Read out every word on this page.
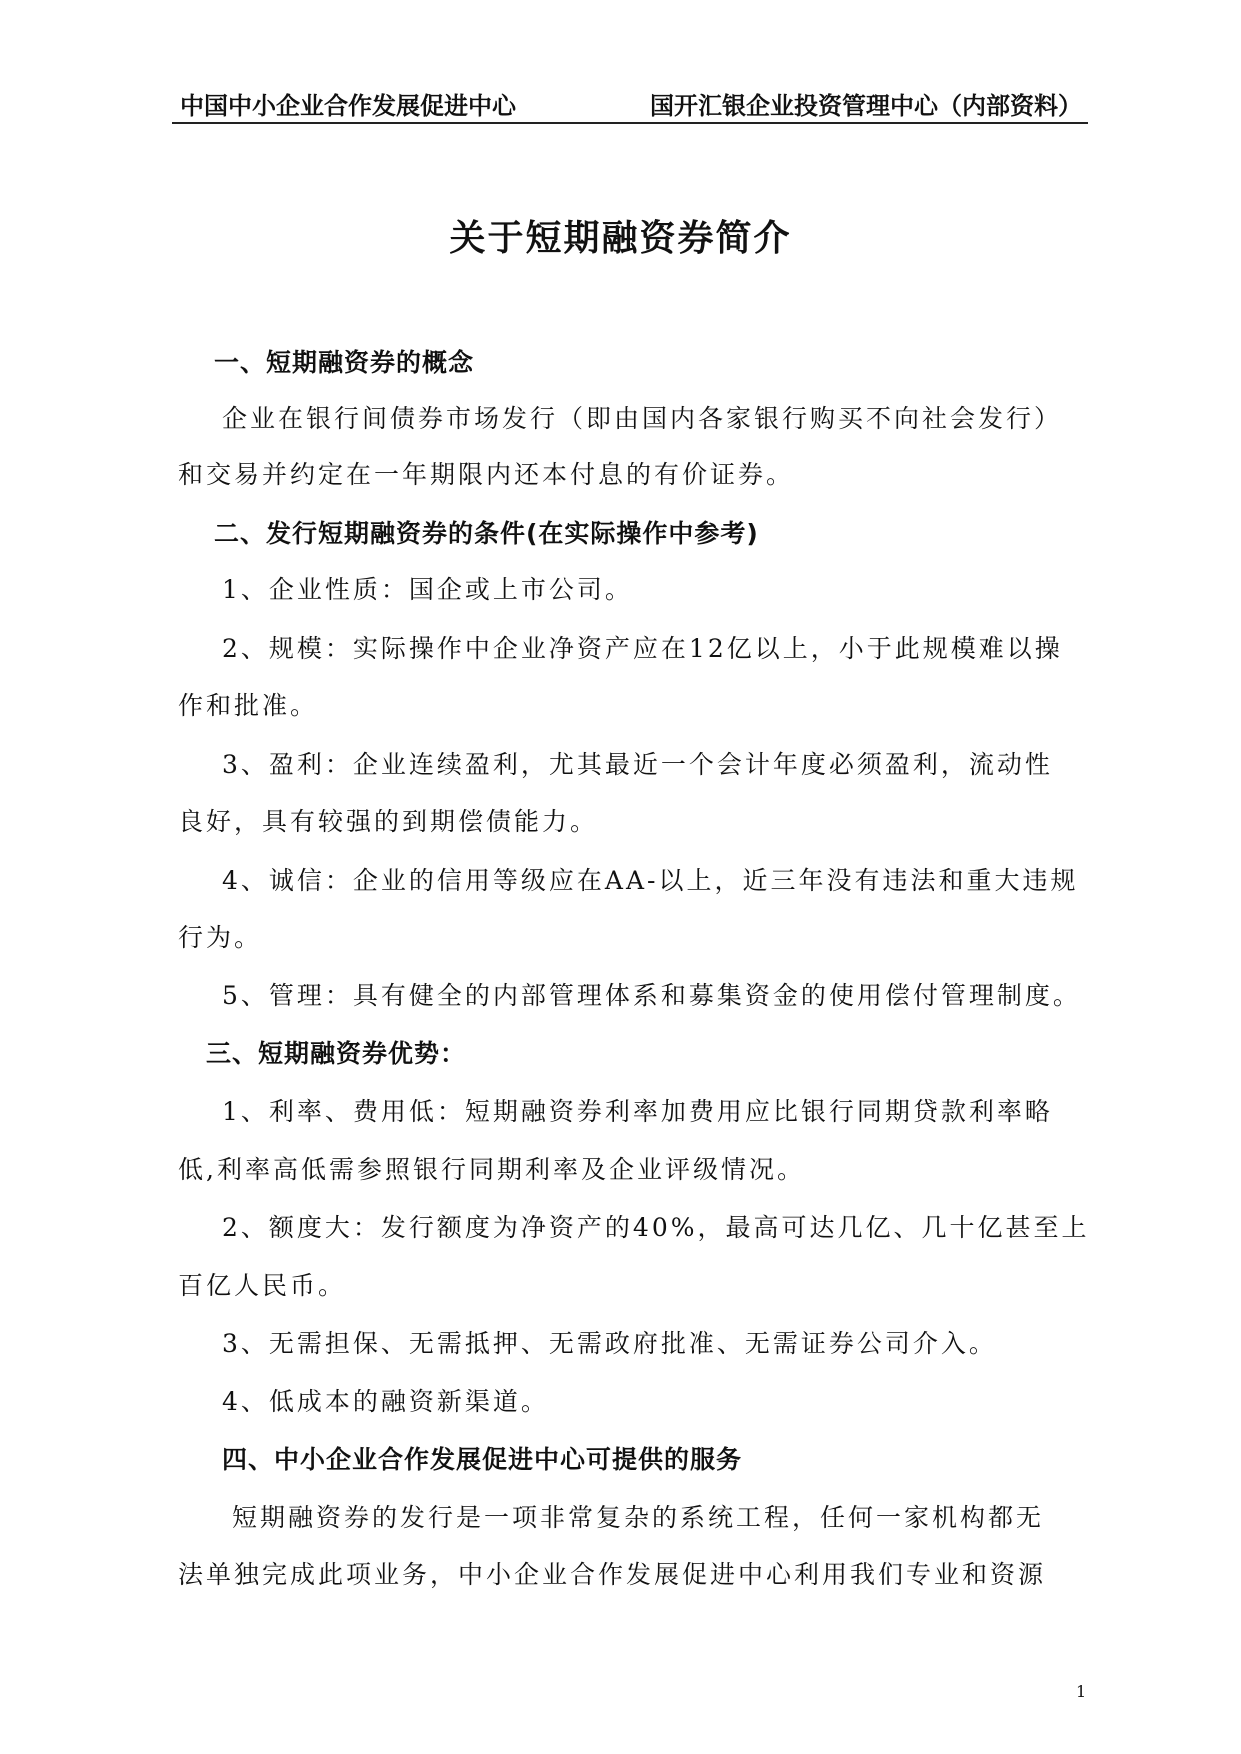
中国中小企业合作发展促进中心	国开汇银企业投资管理中心（内部资料）
关于短期融资券简介
一、短期融资券的概念
企业在银行间债券市场发行（即由国内各家银行购买不向社会发行）
和交易并约定在一年期限内还本付息的有价证券。
二、发行短期融资券的条件(在实际操作中参考)
1、企业性质：国企或上市公司。
2、规模：实际操作中企业净资产应在12亿以上，小于此规模难以操
作和批准。
3、盈利：企业连续盈利，尤其最近一个会计年度必须盈利，流动性
良好，具有较强的到期偿债能力。
4、诚信：企业的信用等级应在AA-以上，近三年没有违法和重大违规
行为。
5、管理：具有健全的内部管理体系和募集资金的使用偿付管理制度。
三、短期融资券优势：
1、利率、费用低：短期融资券利率加费用应比银行同期贷款利率略
低,利率高低需参照银行同期利率及企业评级情况。
2、额度大：发行额度为净资产的40%，最高可达几亿、几十亿甚至上
百亿人民币。
3、无需担保、无需抵押、无需政府批准、无需证券公司介入。
4、低成本的融资新渠道。
四、中小企业合作发展促进中心可提供的服务
短期融资券的发行是一项非常复杂的系统工程，任何一家机构都无
法单独完成此项业务，中小企业合作发展促进中心利用我们专业和资源
1
